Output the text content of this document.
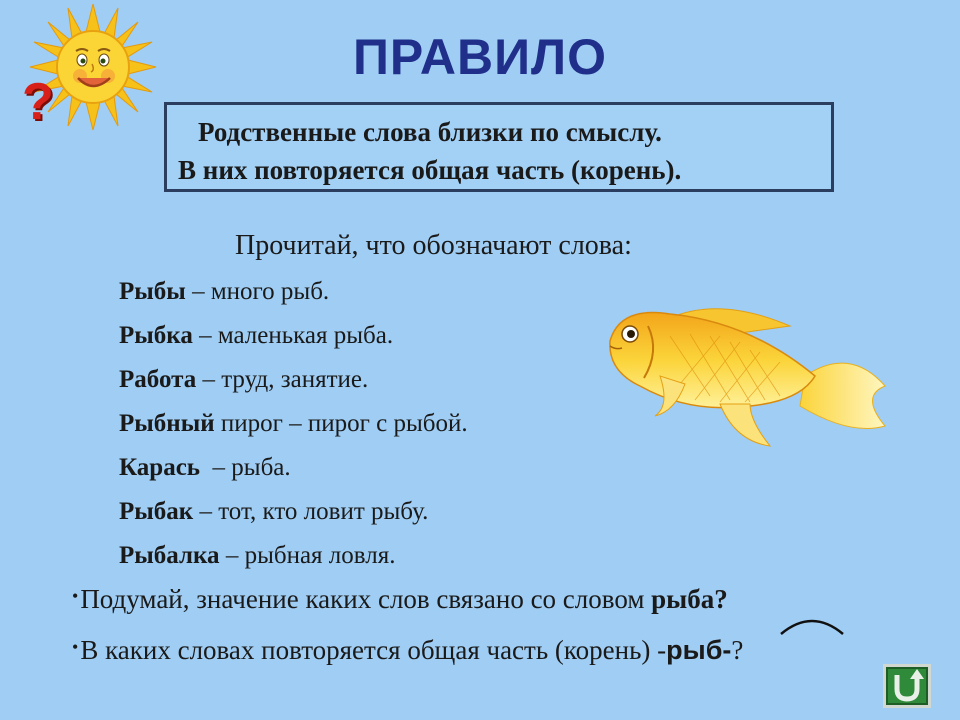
?
ПРАВИЛО
Родственные слова близки по смыслу.
В них повторяется общая часть (корень).
Прочитай, что обозначают слова:
Рыбы – много рыб.
Рыбка – маленькая рыба.
Работа – труд, занятие.
Рыбный пирог – пирог с рыбой.
Карась  – рыба.
Рыбак – тот, кто ловит рыбу.
Рыбалка – рыбная ловля.
•Подумай, значение каких слов связано со словом рыба?
•В каких словах повторяется общая часть (корень) -рыб-?
